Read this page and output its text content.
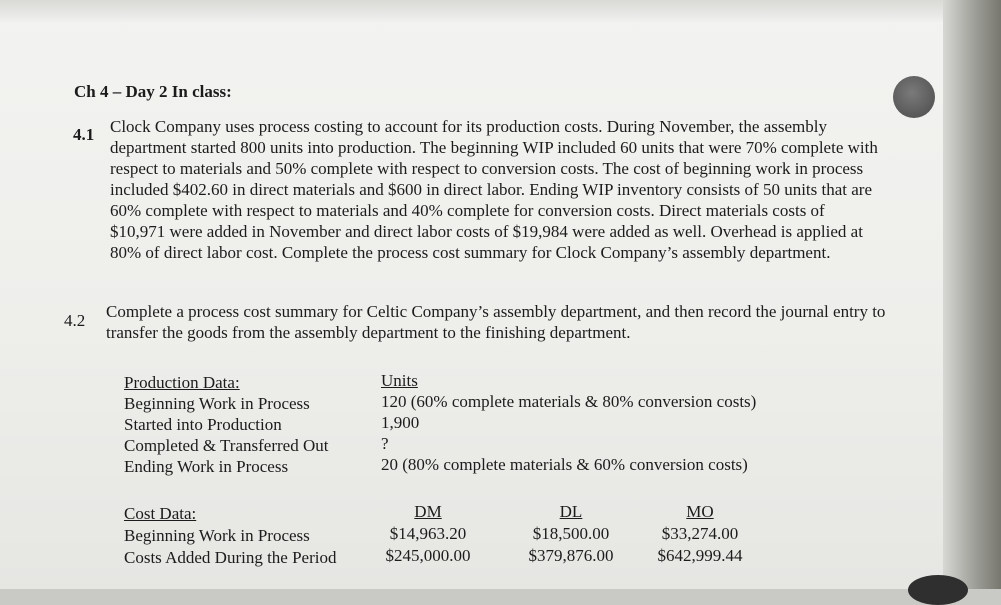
Ch 4 – Day 2 In class:
4.1 Clock Company uses process costing to account for its production costs. During November, the assembly department started 800 units into production. The beginning WIP included 60 units that were 70% complete with respect to materials and 50% complete with respect to conversion costs. The cost of beginning work in process included $402.60 in direct materials and $600 in direct labor. Ending WIP inventory consists of 50 units that are 60% complete with respect to materials and 40% complete for conversion costs. Direct materials costs of $10,971 were added in November and direct labor costs of $19,984 were added as well. Overhead is applied at 80% of direct labor cost. Complete the process cost summary for Clock Company’s assembly department.

4.2 Complete a process cost summary for Celtic Company’s assembly department, and then record the journal entry to transfer the goods from the assembly department to the finishing department.

Production Data:
Beginning Work in Process
Started into Production
Completed & Transferred Out
Ending Work in Process
Units
120 (60% complete materials & 80% conversion costs)
1,900
?
20 (80% complete materials & 60% conversion costs)
Cost Data:
Beginning Work in Process
Costs Added During the Period
DM
$14,963.20
$245,000.00
DL
$18,500.00
$379,876.00
MO
$33,274.00
$642,999.44
